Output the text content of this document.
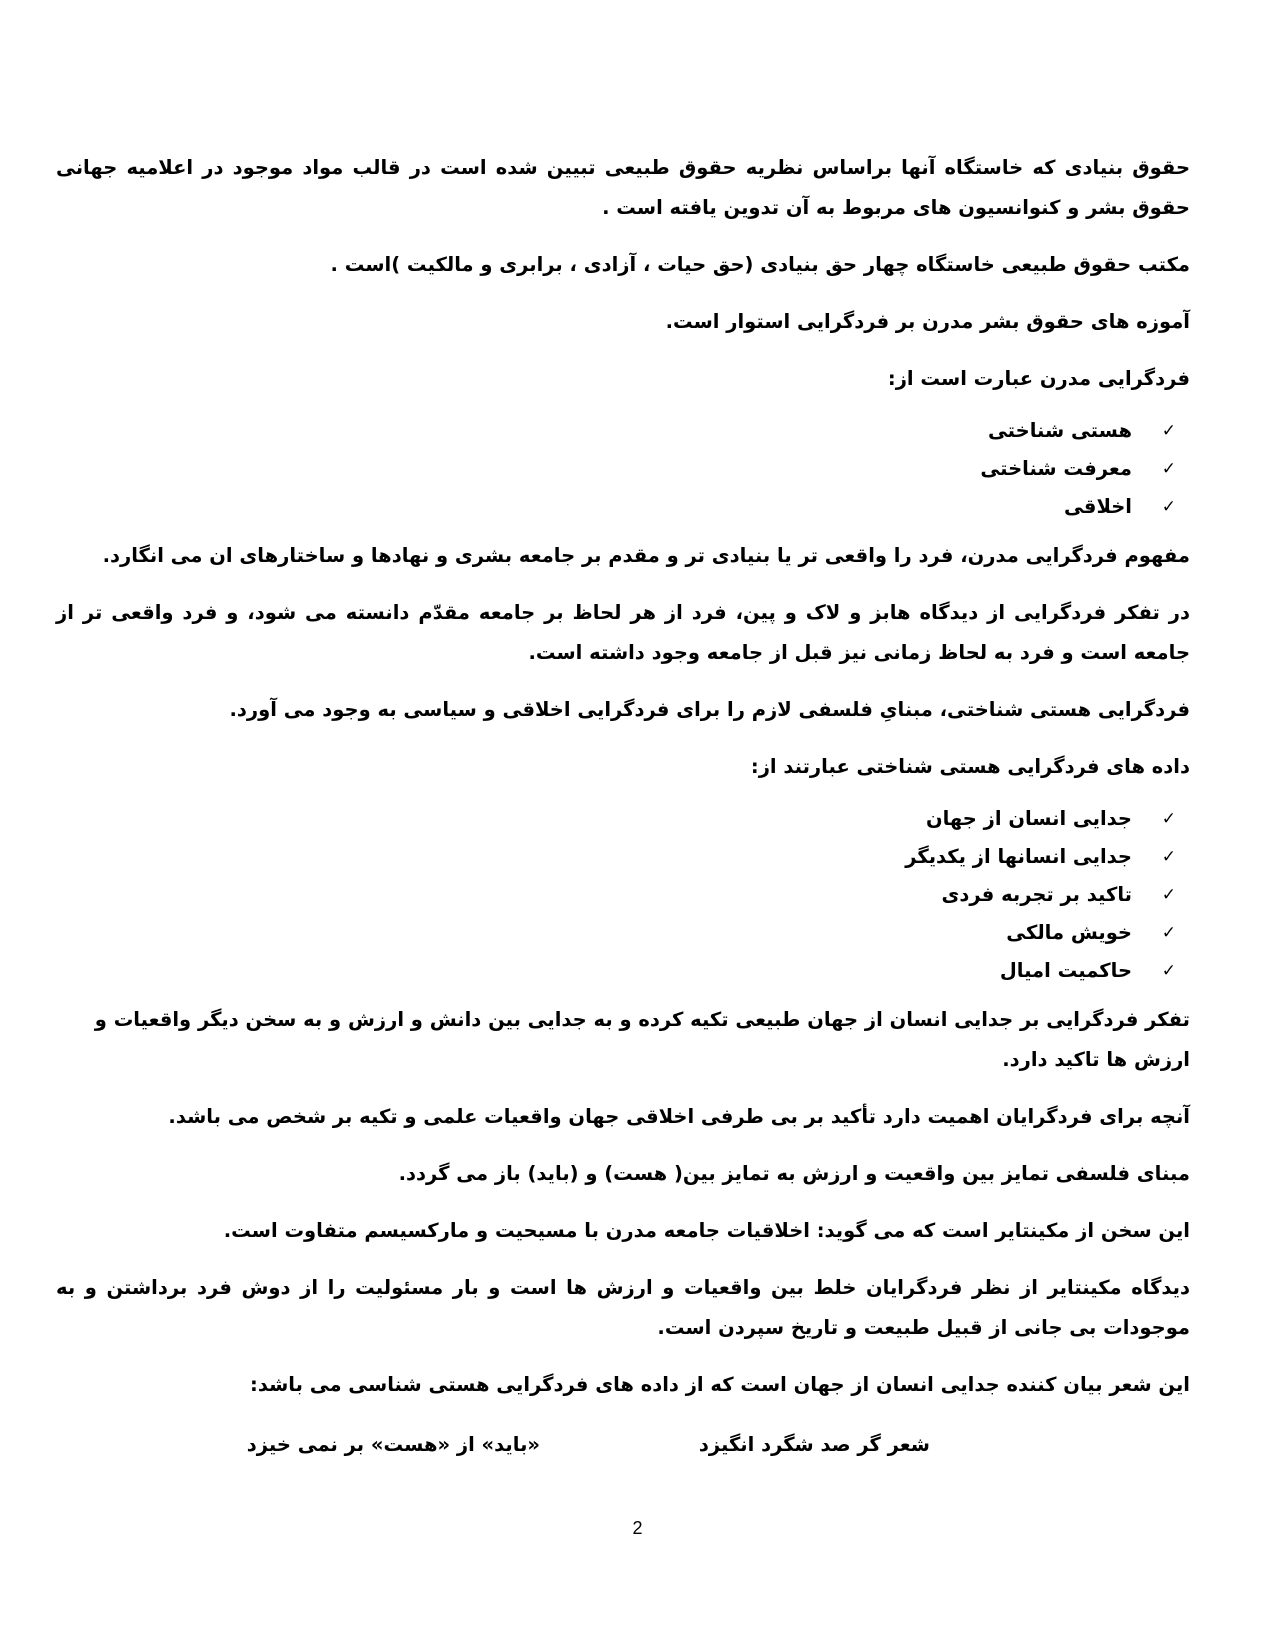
حقوق بنیادی که خاستگاه آنها براساس نظریه حقوق طبیعی تبیین شده است در قالب مواد موجود در اعلامیه جهانی حقوق بشر و کنوانسیون های مربوط به آن تدوین یافته است .

مکتب حقوق طبیعی خاستگاه چهار حق بنیادی (حق حیات ، آزادی ، برابری و مالکیت )است .

آموزه های حقوق بشر مدرن بر فردگرایی استوار است.

فردگرایی مدرن عبارت است از:

✓
هستی شناختی
✓
معرفت شناختی
✓
اخلاقی

مفهوم فردگرایی مدرن، فرد را واقعی تر یا بنیادی تر و مقدم بر جامعه بشری و نهادها و ساختارهای ان می انگارد.

در تفکر فردگرایی از دیدگاه هابز و لاک و پین، فرد از هر لحاظ بر جامعه مقدّم دانسته می شود، و فرد واقعی تر از جامعه است و فرد به لحاظ زمانی نیز قبل از جامعه وجود داشته است.

فردگرایی هستی شناختی، مبنایِ فلسفی لازم را برای فردگرایی اخلاقی و سیاسی به وجود می آورد.

داده های فردگرایی هستی شناختی عبارتند از:

✓
جدایی انسان از جهان
✓
جدایی انسانها از یکدیگر
✓
تاکید بر تجربه فردی
✓
خویش مالکی
✓
حاکمیت امیال

تفکر فردگرایی بر جدایی انسان از جهان طبیعی تکیه کرده و به جدایی بین دانش و ارزش و به سخن دیگر واقعیات و ارزش ها تاکید دارد.

آنچه برای فردگرایان اهمیت دارد تأکید بر بی طرفی اخلاقی جهان واقعیات علمی و تکیه بر شخص می باشد.

مبنای فلسفی تمایز بین واقعیت و ارزش به تمایز بین( هست) و (باید) باز می گردد.

این سخن از مکینتایر است که می گوید: اخلاقیات جامعه مدرن با مسیحیت و مارکسیسم متفاوت است.

دیدگاه مکینتایر از نظر فردگرایان خلط بین واقعیات و ارزش ها است و بار مسئولیت را از دوش فرد برداشتن و به موجودات بی جانی از قبیل طبیعت و تاریخ سپردن است.

این شعر بیان کننده جدایی انسان از جهان است که از داده های فردگرایی هستی شناسی می باشد:

شعر گر صد شگرد انگیزد
«باید» از «هست» بر نمی خیزد
2
